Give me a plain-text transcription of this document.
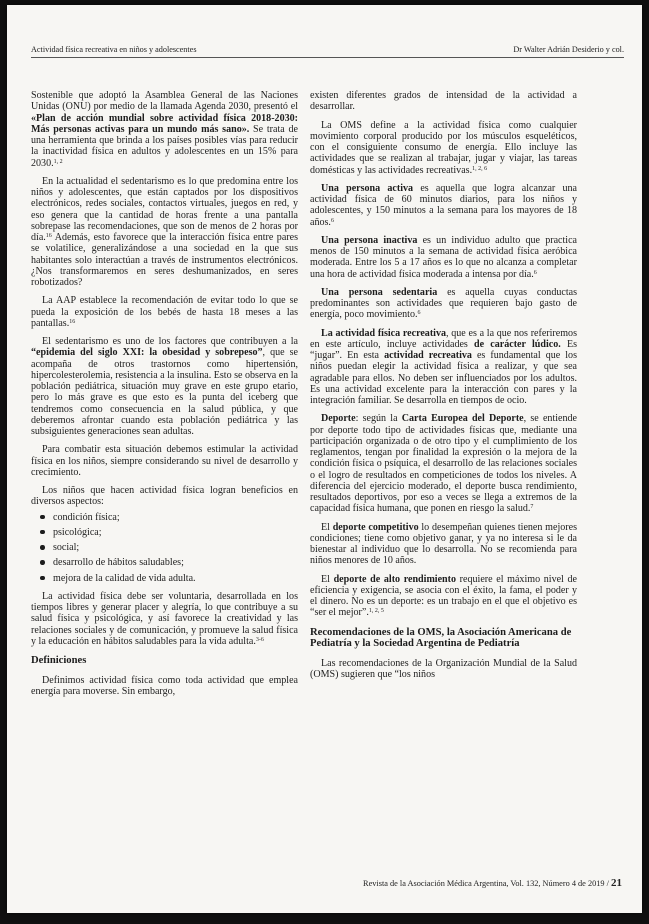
Actividad física recreativa en niños y adolescentes	Dr Walter Adrián Desiderio y col.

Sostenible que adoptó la Asamblea General de las Naciones Unidas (ONU) por medio de la llamada Agenda 2030, presentó el «Plan de acción mundial sobre actividad física 2018-2030: Más personas activas para un mundo más sano». Se trata de una herramienta que brinda a los países posibles vías para reducir la inactividad física en adultos y adolescentes en un 15% para 2030.$^{1, 2}$

En la actualidad el sedentarismo es lo que predomina entre los niños y adolescentes, que están captados por los dispositivos electrónicos, redes sociales, contactos virtuales, juegos en red, y eso genera que la cantidad de horas frente a una pantalla sobrepase las recomendaciones, que son de menos de 2 horas por día.$^{16}$ Además, esto favorece que la interacción física entre pares se volatilice, generalizándose a una sociedad en la que sus habitantes solo interactúan a través de instrumentos electrónicos. ¿Nos transformaremos en seres deshumanizados, en seres robotizados?

La AAP establece la recomendación de evitar todo lo que se pueda la exposición de los bebés de hasta 18 meses a las pantallas.$^{16}$

El sedentarismo es uno de los factores que contribuyen a la “epidemia del siglo XXI: la obesidad y sobrepeso”, que se acompaña de otros trastornos como hipertensión, hipercolesterolemia, resistencia a la insulina. Esto se observa en la población pediátrica, situación muy grave en este grupo etario, pero lo más grave es que esto es la punta del iceberg que tendremos como consecuencia en la salud pública, y que deberemos afrontar cuando esta población pediátrica y las subsiguientes generaciones sean adultas.

Para combatir esta situación debemos estimular la actividad física en los niños, siempre considerando su nivel de desarrollo y crecimiento.

Los niños que hacen actividad física logran beneficios en diversos aspectos:

condición física;
psicológica;
social;
desarrollo de hábitos saludables;
mejora de la calidad de vida adulta.

La actividad física debe ser voluntaria, desarrollada en los tiempos libres y generar placer y alegría, lo que contribuye a su salud física y psicológica, y así favorece la creatividad y las relaciones sociales y de comunicación, y promueve la salud física y la educación en hábitos saludables para la vida adulta.$^{3-6}$

Definiciones

Definimos actividad física como toda actividad que emplea energía para moverse. Sin embargo,

existen diferentes grados de intensidad de la actividad a desarrollar.

La OMS define a la actividad física como cualquier movimiento corporal producido por los músculos esqueléticos, con el consiguiente consumo de energía. Ello incluye las actividades que se realizan al trabajar, jugar y viajar, las tareas domésticas y las actividades recreativas.$^{1, 2, 6}$

Una persona activa es aquella que logra alcanzar una actividad física de 60 minutos diarios, para los niños y adolescentes, y 150 minutos a la semana para los mayores de 18 años.$^6$

Una persona inactiva es un individuo adulto que practica menos de 150 minutos a la semana de actividad física aeróbica moderada. Entre los 5 a 17 años es lo que no alcanza a completar una hora de actividad física moderada a intensa por día.$^6$

Una persona sedentaria es aquella cuyas conductas predominantes son actividades que requieren bajo gasto de energía, poco movimiento.$^6$

La actividad física recreativa, que es a la que nos referiremos en este artículo, incluye actividades de carácter lúdico. Es “jugar”. En esta actividad recreativa es fundamental que los niños puedan elegir la actividad física a realizar, y que sea agradable para ellos. No deben ser influenciados por los adultos. Es una actividad excelente para la interacción con pares y la integración familiar. Se desarrolla en tiempos de ocio.

Deporte: según la Carta Europea del Deporte, se entiende por deporte todo tipo de actividades físicas que, mediante una participación organizada o de otro tipo y el cumplimiento de los reglamentos, tengan por finalidad la expresión o la mejora de la condición física o psíquica, el desarrollo de las relaciones sociales o el logro de resultados en competiciones de todos los niveles. A diferencia del ejercicio moderado, el deporte busca rendimiento, resultados deportivos, por eso a veces se llega a extremos de la capacidad física humana, que ponen en riesgo la salud.$^7$

El deporte competitivo lo desempeñan quienes tienen mejores condiciones; tiene como objetivo ganar, y ya no interesa si le da bienestar al individuo que lo desarrolla. No se recomienda para niños menores de 10 años.

El deporte de alto rendimiento requiere el máximo nivel de eficiencia y exigencia, se asocia con el éxito, la fama, el poder y el dinero. No es un deporte: es un trabajo en el que el objetivo es “ser el mejor”.$^{1, 2, 5}$

Recomendaciones de la OMS, la Asociación Americana de Pediatría y la Sociedad Argentina de Pediatría

Las recomendaciones de la Organización Mundial de la Salud (OMS) sugieren que “los niños

Revista de la Asociación Médica Argentina, Vol. 132, Número 4 de 2019 / 21
